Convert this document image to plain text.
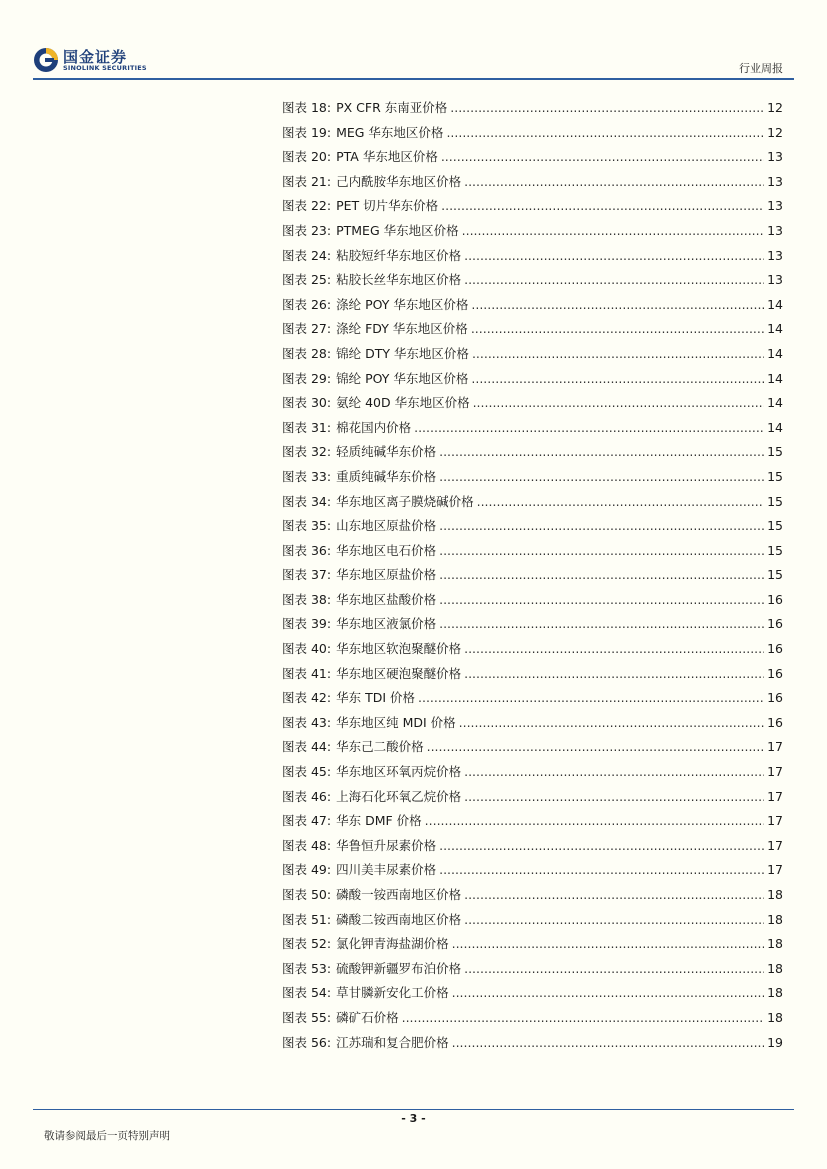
国金证券
SINOLINK SECURITIES	行业周报
图表 18: PX CFR 东南亚价格 .....	12
图表 19: MEG 华东地区价格 .....	12
图表 20: PTA 华东地区价格 .....	13
图表 21: 己内酰胺华东地区价格 .....	13
图表 22: PET 切片华东价格 .....	13
图表 23: PTMEG 华东地区价格 .....	13
图表 24: 粘胶短纤华东地区价格 .....	13
图表 25: 粘胶长丝华东地区价格 .....	13
图表 26: 涤纶 POY 华东地区价格 .....	14
图表 27: 涤纶 FDY 华东地区价格 .....	14
图表 28: 锦纶 DTY 华东地区价格 .....	14
图表 29: 锦纶 POY 华东地区价格 .....	14
图表 30: 氨纶 40D 华东地区价格 .....	14
图表 31: 棉花国内价格 .....	14
图表 32: 轻质纯碱华东价格 .....	15
图表 33: 重质纯碱华东价格 .....	15
图表 34: 华东地区离子膜烧碱价格 .....	15
图表 35: 山东地区原盐价格 .....	15
图表 36: 华东地区电石价格 .....	15
图表 37: 华东地区原盐价格 .....	15
图表 38: 华东地区盐酸价格 .....	16
图表 39: 华东地区液氯价格 .....	16
图表 40: 华东地区软泡聚醚价格 .....	16
图表 41: 华东地区硬泡聚醚价格 .....	16
图表 42: 华东 TDI 价格 .....	16
图表 43: 华东地区纯 MDI 价格 .....	16
图表 44: 华东己二酸价格 .....	17
图表 45: 华东地区环氧丙烷价格 .....	17
图表 46: 上海石化环氧乙烷价格 .....	17
图表 47: 华东 DMF 价格 .....	17
图表 48: 华鲁恒升尿素价格 .....	17
图表 49: 四川美丰尿素价格 .....	17
图表 50: 磷酸一铵西南地区价格 .....	18
图表 51: 磷酸二铵西南地区价格 .....	18
图表 52: 氯化钾青海盐湖价格 .....	18
图表 53: 硫酸钾新疆罗布泊价格 .....	18
图表 54: 草甘膦新安化工价格 .....	18
图表 55: 磷矿石价格 .....	18
图表 56: 江苏瑞和复合肥价格 .....	19
- 3 -
敬请参阅最后一页特别声明
